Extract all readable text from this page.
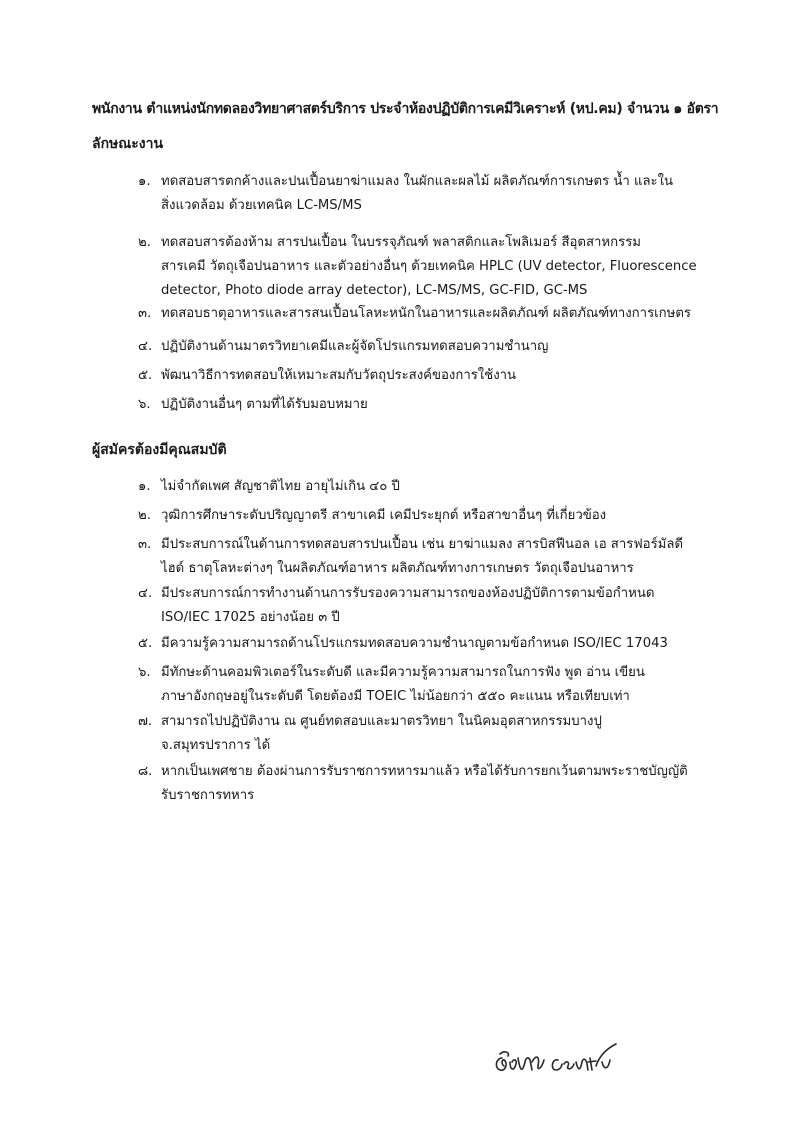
พนักงาน ตำแหน่งนักทดลองวิทยาศาสตร์บริการ ประจำห้องปฏิบัติการเคมีวิเคราะห์ (หป.คม) จำนวน ๑ อัตรา
ลักษณะงาน
๑. ทดสอบสารตกค้างและปนเปื้อนยาฆ่าแมลง ในผักและผลไม้ ผลิตภัณฑ์การเกษตร น้ำ และใน
สิ่งแวดล้อม ด้วยเทคนิค LC-MS/MS
๒. ทดสอบสารต้องห้าม สารปนเปื้อน ในบรรจุภัณฑ์ พลาสติกและโพลิเมอร์ สีอุตสาหกรรม
สารเคมี วัตถุเจือปนอาหาร และตัวอย่างอื่นๆ ด้วยเทคนิค HPLC (UV detector, Fluorescence
detector, Photo diode array detector), LC-MS/MS, GC-FID, GC-MS
๓. ทดสอบธาตุอาหารและสารสนเปื้อนโลหะหนักในอาหารและผลิตภัณฑ์ ผลิตภัณฑ์ทางการเกษตร
๔. ปฏิบัติงานด้านมาตรวิทยาเคมีและผู้จัดโปรแกรมทดสอบความชำนาญ
๕. พัฒนาวิธีการทดสอบให้เหมาะสมกับวัตถุประสงค์ของการใช้งาน
๖. ปฏิบัติงานอื่นๆ ตามที่ได้รับมอบหมาย
ผู้สมัครต้องมีคุณสมบัติ
๑. ไม่จำกัดเพศ สัญชาติไทย อายุไม่เกิน ๔๐ ปี
๒. วุฒิการศึกษาระดับปริญญาตรี สาขาเคมี เคมีประยุกต์ หรือสาขาอื่นๆ ที่เกี่ยวข้อง
๓. มีประสบการณ์ในด้านการทดสอบสารปนเปื้อน เช่น ยาฆ่าแมลง สารบิสฟีนอล เอ สารฟอร์มัลดี
ไฮด์ ธาตุโลหะต่างๆ ในผลิตภัณฑ์อาหาร ผลิตภัณฑ์ทางการเกษตร วัตถุเจือปนอาหาร
๔. มีประสบการณ์การทำงานด้านการรับรองความสามารถของห้องปฏิบัติการตามข้อกำหนด
ISO/IEC 17025 อย่างน้อย ๓ ปี
๕. มีความรู้ความสามารถด้านโปรแกรมทดสอบความชำนาญตามข้อกำหนด ISO/IEC 17043
๖. มีทักษะด้านคอมพิวเตอร์ในระดับดี และมีความรู้ความสามารถในการฟัง พูด อ่าน เขียน
ภาษาอังกฤษอยู่ในระดับดี โดยต้องมี TOEIC ไม่น้อยกว่า ๕๕๐ คะแนน หรือเทียบเท่า
๗. สามารถไปปฏิบัติงาน ณ ศูนย์ทดสอบและมาตรวิทยา ในนิคมอุตสาหกรรมบางปู
จ.สมุทรปราการ ได้
๘. หากเป็นเพศชาย ต้องผ่านการรับราชการทหารมาแล้ว หรือได้รับการยกเว้นตามพระราชบัญญัติ
รับราชการทหาร
